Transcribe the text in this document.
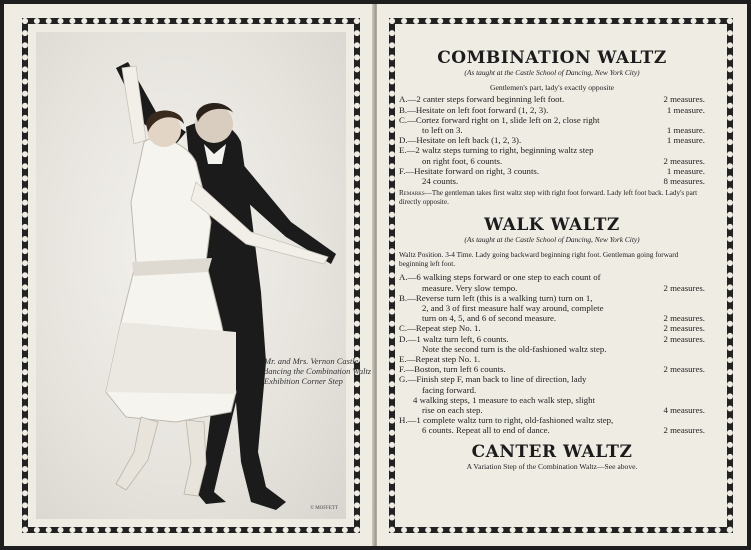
Mr. and Mrs. Vernon Castle
dancing the Combination Waltz
Exhibition Corner Step
© MOFFETT
COMBINATION WALTZ
(As taught at the Castle School of Dancing, New York City)
Gentlemen's part, lady's exactly opposite
A.—2 canter steps forward beginning left foot.	2 measures.
B.—Hesitate on left foot forward (1, 2, 3).	1 measure.
C.—Cortez forward right on 1, slide left on 2, close right
to left on 3.	1 measure.
D.—Hesitate on left back (1, 2, 3).	1 measure.
E.—2 waltz steps turning to right, beginning waltz step
on right foot, 6 counts.	2 measures.
F.—Hesitate forward on right, 3 counts.	1 measure.
24 counts.	8 measures.
Remarks—The gentleman takes first waltz step with right foot forward. Lady left foot back. Lady's part directly opposite.
WALK WALTZ
(As taught at the Castle School of Dancing, New York City)
Waltz Position. 3-4 Time. Lady going backward beginning right foot. Gentleman going forward beginning left foot.
A.—6 walking steps forward or one step to each count of
measure. Very slow tempo.	2 measures.
B.—Reverse turn left (this is a walking turn) turn on 1,
2, and 3 of first measure half way around, complete
turn on 4, 5, and 6 of second measure.	2 measures.
C.—Repeat step No. 1.	2 measures.
D.—1 waltz turn left, 6 counts.	2 measures.
Note the second turn is the old-fashioned waltz step.
E.—Repeat step No. 1.
F.—Boston, turn left 6 counts.	2 measures.
G.—Finish step F, man back to line of direction, lady
facing forward.
4 walking steps, 1 measure to each walk step, slight
rise on each step.	4 measures.
H.—1 complete waltz turn to right, old-fashioned waltz step,
6 counts. Repeat all to end of dance.	2 measures.
CANTER WALTZ
A Variation Step of the Combination Waltz—See above.
